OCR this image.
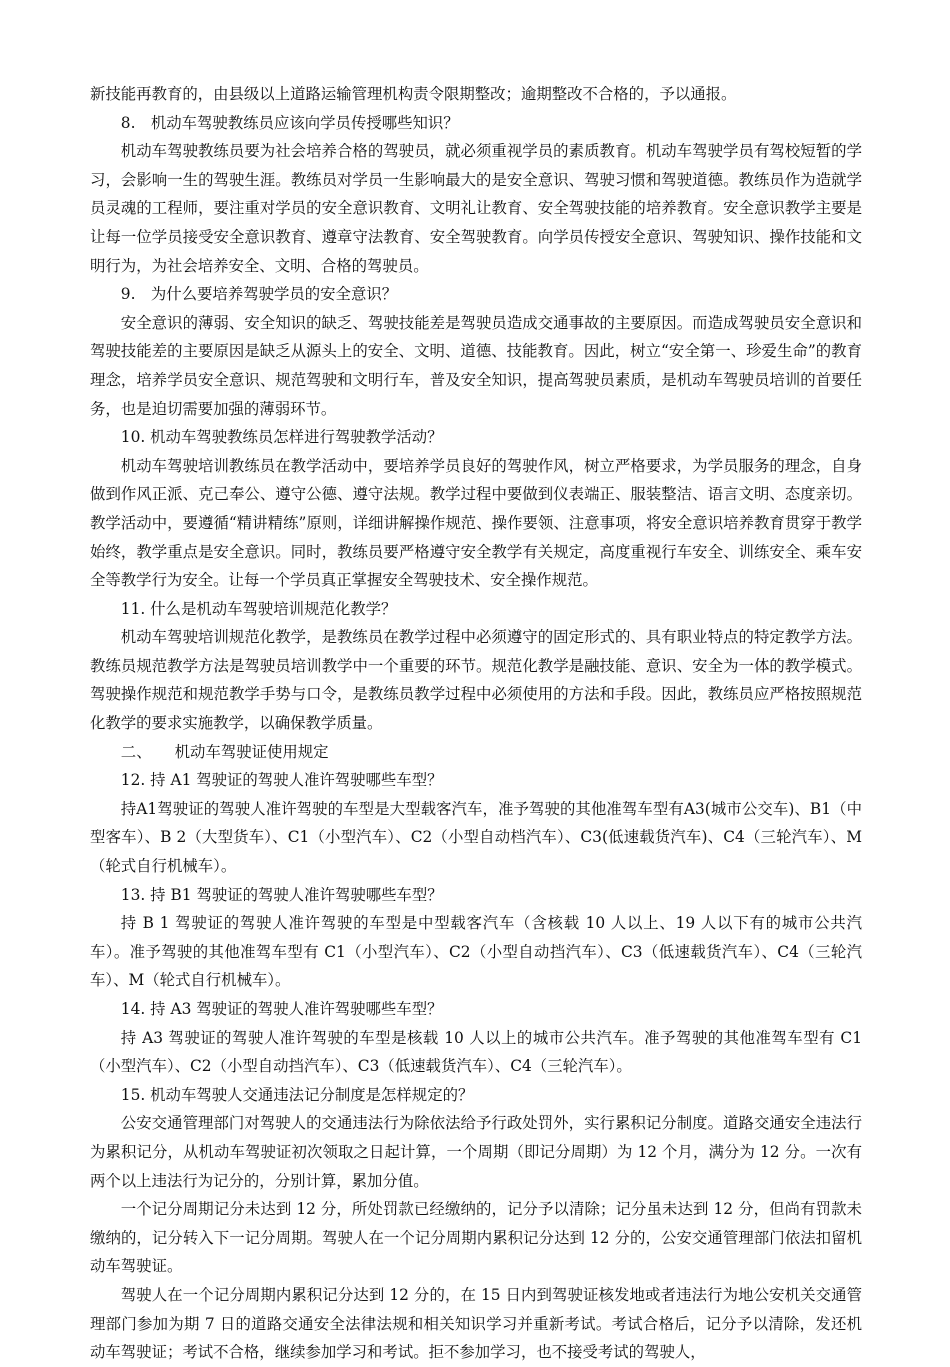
新技能再教育的，由县级以上道路运输管理机构责令限期整改；逾期整改不合格的，予以通报。

8.　机动车驾驶教练员应该向学员传授哪些知识？

机动车驾驶教练员要为社会培养合格的驾驶员，就必须重视学员的素质教育。机动车驾驶学员有驾校短暂的学习，会影响一生的驾驶生涯。教练员对学员一生影响最大的是安全意识、驾驶习惯和驾驶道德。教练员作为造就学员灵魂的工程师，要注重对学员的安全意识教育、文明礼让教育、安全驾驶技能的培养教育。安全意识教学主要是让每一位学员接受安全意识教育、遵章守法教育、安全驾驶教育。向学员传授安全意识、驾驶知识、操作技能和文明行为，为社会培养安全、文明、合格的驾驶员。

9.　为什么要培养驾驶学员的安全意识？

安全意识的薄弱、安全知识的缺乏、驾驶技能差是驾驶员造成交通事故的主要原因。而造成驾驶员安全意识和驾驶技能差的主要原因是缺乏从源头上的安全、文明、道德、技能教育。因此，树立“安全第一、珍爱生命”的教育理念，培养学员安全意识、规范驾驶和文明行车，普及安全知识，提高驾驶员素质，是机动车驾驶员培训的首要任务，也是迫切需要加强的薄弱环节。

10. 机动车驾驶教练员怎样进行驾驶教学活动？

机动车驾驶培训教练员在教学活动中，要培养学员良好的驾驶作风，树立严格要求，为学员服务的理念，自身做到作风正派、克己奉公、遵守公德、遵守法规。教学过程中要做到仪表端正、服装整洁、语言文明、态度亲切。教学活动中，要遵循“精讲精练”原则，详细讲解操作规范、操作要领、注意事项，将安全意识培养教育贯穿于教学始终，教学重点是安全意识。同时，教练员要严格遵守安全教学有关规定，高度重视行车安全、训练安全、乘车安全等教学行为安全。让每一个学员真正掌握安全驾驶技术、安全操作规范。

11. 什么是机动车驾驶培训规范化教学？

机动车驾驶培训规范化教学，是教练员在教学过程中必须遵守的固定形式的、具有职业特点的特定教学方法。教练员规范教学方法是驾驶员培训教学中一个重要的环节。规范化教学是融技能、意识、安全为一体的教学模式。驾驶操作规范和规范教学手势与口令，是教练员教学过程中必须使用的方法和手段。因此，教练员应严格按照规范化教学的要求实施教学，以确保教学质量。

二、　　机动车驾驶证使用规定

12. 持 A1 驾驶证的驾驶人准许驾驶哪些车型？

持A1驾驶证的驾驶人准许驾驶的车型是大型载客汽车，准予驾驶的其他准驾车型有A3(城市公交车)、B1（中型客车）、B 2（大型货车）、C1（小型汽车）、C2（小型自动档汽车）、C3(低速载货汽车)、C4（三轮汽车）、M（轮式自行机械车）。

13. 持 B1 驾驶证的驾驶人准许驾驶哪些车型？

持 B 1 驾驶证的驾驶人准许驾驶的车型是中型载客汽车（含核载 10 人以上、19 人以下有的城市公共汽车）。准予驾驶的其他准驾车型有 C1（小型汽车）、C2（小型自动挡汽车）、C3（低速载货汽车）、C4（三轮汽车）、M（轮式自行机械车）。

14. 持 A3 驾驶证的驾驶人准许驾驶哪些车型？

持 A3 驾驶证的驾驶人准许驾驶的车型是核载 10 人以上的城市公共汽车。准予驾驶的其他准驾车型有 C1（小型汽车）、C2（小型自动挡汽车）、C3（低速载货汽车）、C4（三轮汽车）。

15. 机动车驾驶人交通违法记分制度是怎样规定的？

公安交通管理部门对驾驶人的交通违法行为除依法给予行政处罚外，实行累积记分制度。道路交通安全违法行为累积记分，从机动车驾驶证初次领取之日起计算，一个周期（即记分周期）为 12 个月，满分为 12 分。一次有两个以上违法行为记分的，分别计算，累加分值。

一个记分周期记分未达到 12 分，所处罚款已经缴纳的，记分予以清除；记分虽未达到 12 分，但尚有罚款未缴纳的，记分转入下一记分周期。驾驶人在一个记分周期内累积记分达到 12 分的，公安交通管理部门依法扣留机动车驾驶证。

驾驶人在一个记分周期内累积记分达到 12 分的，在 15 日内到驾驶证核发地或者违法行为地公安机关交通管理部门参加为期 7 日的道路交通安全法律法规和相关知识学习并重新考试。考试合格后，记分予以清除，发还机动车驾驶证；考试不合格，继续参加学习和考试。拒不参加学习，也不接受考试的驾驶人，
